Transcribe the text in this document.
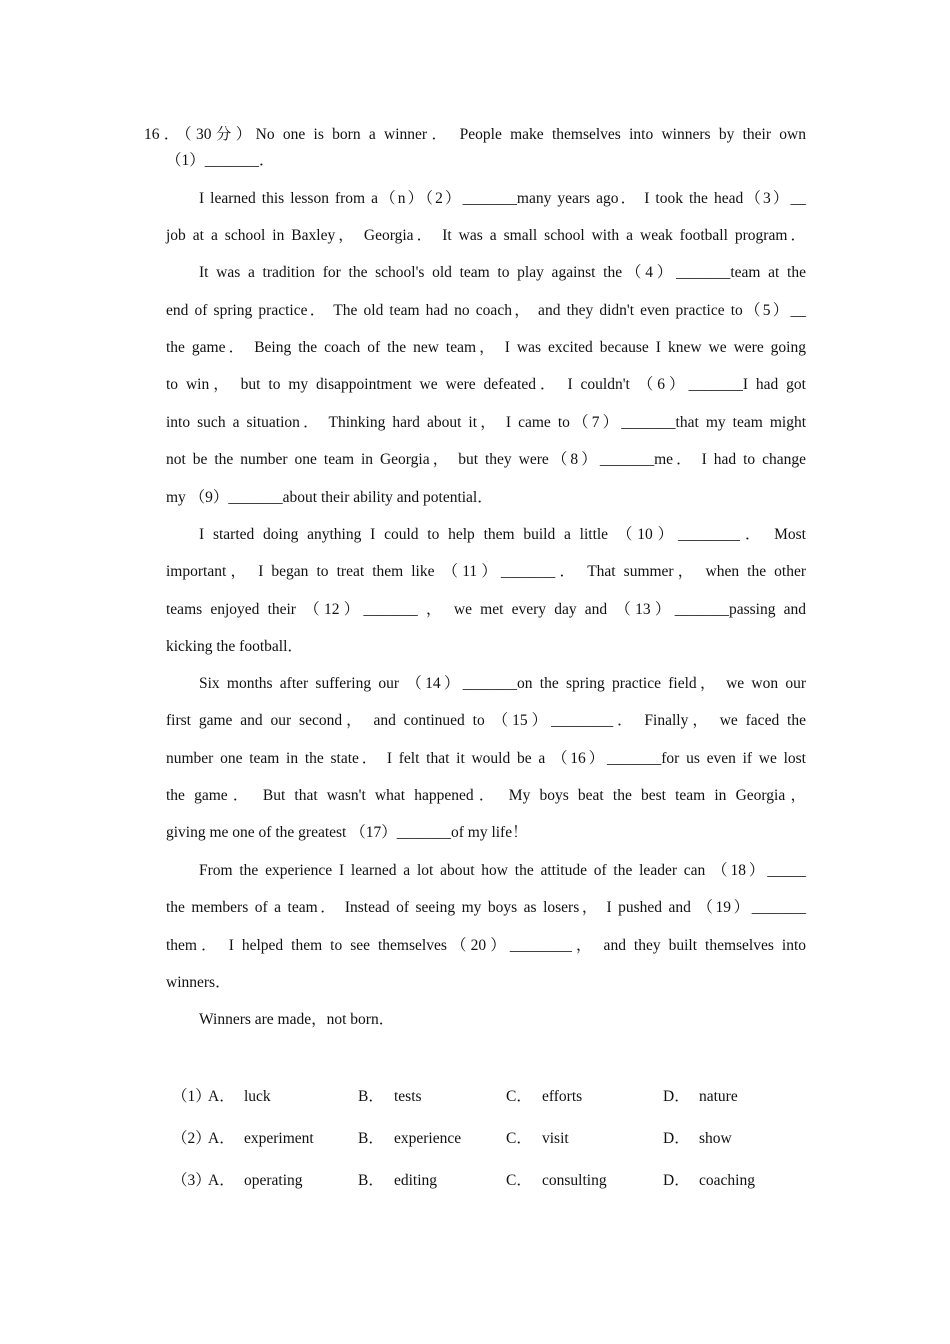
16．（30分）No one is born a winner． People make themselves into winners by their own
（1）_______．
I learned this lesson from a（n）（2）_______many years ago． I took the head（3）__
job at a school in Baxley， Georgia． It was a small school with a weak football program．
It was a tradition for the school's old team to play against the（4）_______team at the
end of spring practice． The old team had no coach， and they didn't even practice to（5）__
the game． Being the coach of the new team， I was excited because I knew we were going
to win， but to my disappointment we were defeated． I couldn't （6）_______I had got
into such a situation． Thinking hard about it， I came to（7）_______that my team might
not be the number one team in Georgia， but they were（8）_______me． I had to change
my （9）_______about their ability and potential．
I started doing anything I could to help them build a little （10）________． Most
important， I began to treat them like （11）_______． That summer， when the other
teams enjoyed their （12）_______ ， we met every day and （13）_______passing and
kicking the football．
Six months after suffering our （14）_______on the spring practice field， we won our
first game and our second， and continued to （15）________． Finally， we faced the
number one team in the state． I felt that it would be a （16）_______for us even if we lost
the game． But that wasn't what happened． My boys beat the best team in Georgia，
giving me one of the greatest （17）_______of my life！
From the experience I learned a lot about how the attitude of the leader can （18）_____
the members of a team． Instead of seeing my boys as losers， I pushed and （19）_______
them． I helped them to see themselves（20）________， and they built themselves into
winners．
Winners are made，not born．
（1）
A． luck	B． tests	C． efforts	D． nature
（2）
A． experiment	B． experience	C． visit	D． show
（3）
A． operating	B． editing	C． consulting	D． coaching
